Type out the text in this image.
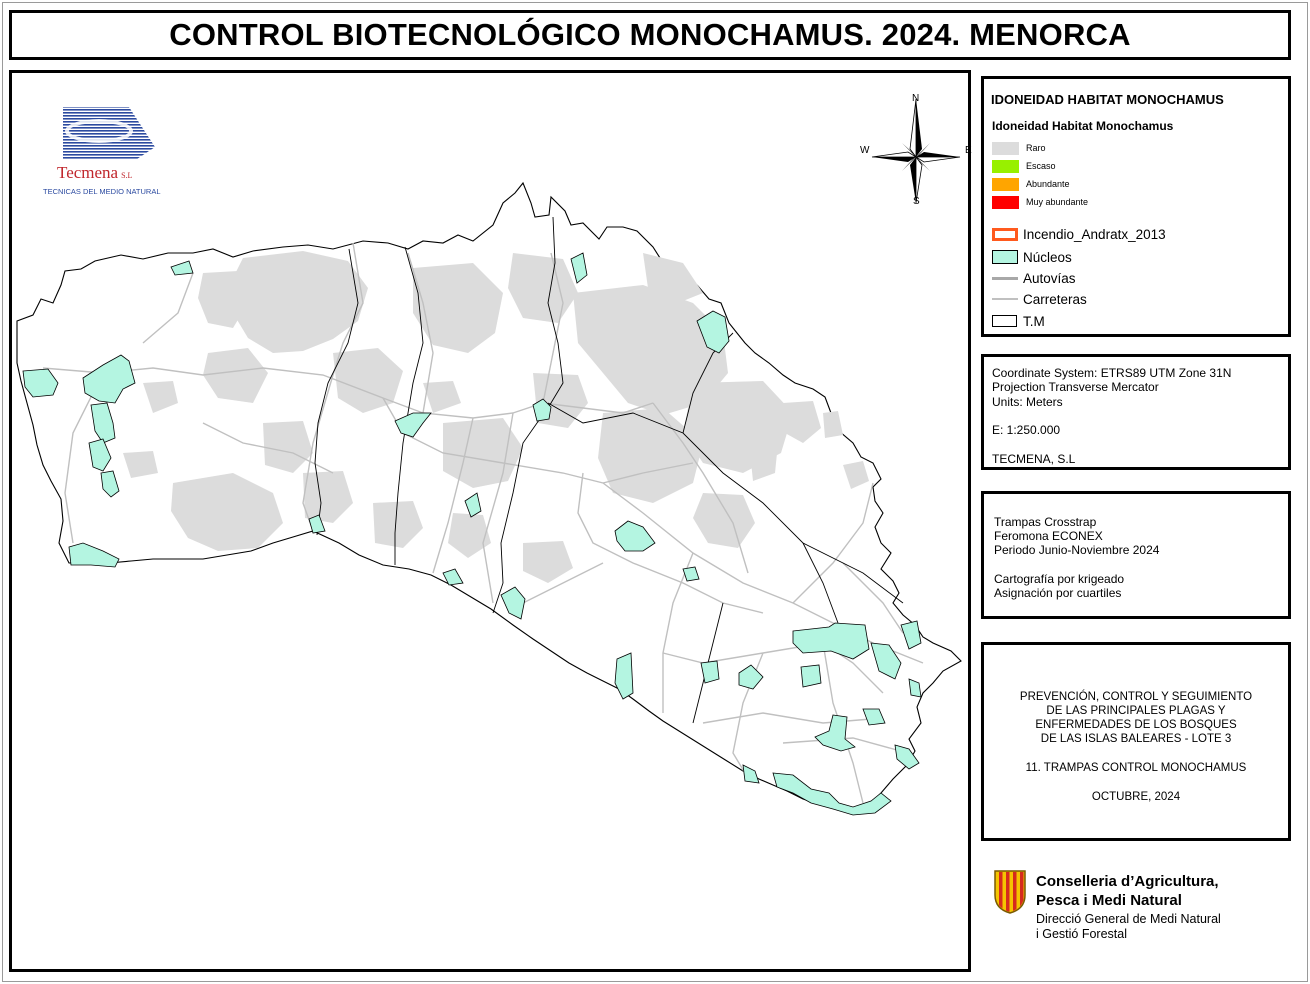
CONTROL BIOTECNOLÓGICO MONOCHAMUS. 2024. MENORCA
Tecmena S.L
TECNICAS DEL MEDIO NATURAL
N
S
E
W
IDONEIDAD HABITAT MONOCHAMUS
Idoneidad Habitat Monochamus
Raro
Escaso
Abundante
Muy abundante
Incendio_Andratx_2013
Núcleos
Autovías
Carreteras
T.M
Coordinate System: ETRS89 UTM Zone 31N
Projection Transverse Mercator
Units: Meters
E: 1:250.000
TECMENA, S.L
Trampas Crosstrap
Feromona ECONEX
Periodo Junio-Noviembre 2024
Cartografía por krigeado
Asignación por cuartiles
PREVENCIÓN, CONTROL Y SEGUIMIENTO
DE LAS PRINCIPALES PLAGAS Y
ENFERMEDADES DE LOS BOSQUES
DE LAS ISLAS BALEARES - LOTE 3
11. TRAMPAS CONTROL MONOCHAMUS
OCTUBRE, 2024
Conselleria d’Agricultura,
Pesca i Medi Natural
Direcció General de Medi Natural
i Gestió Forestal
